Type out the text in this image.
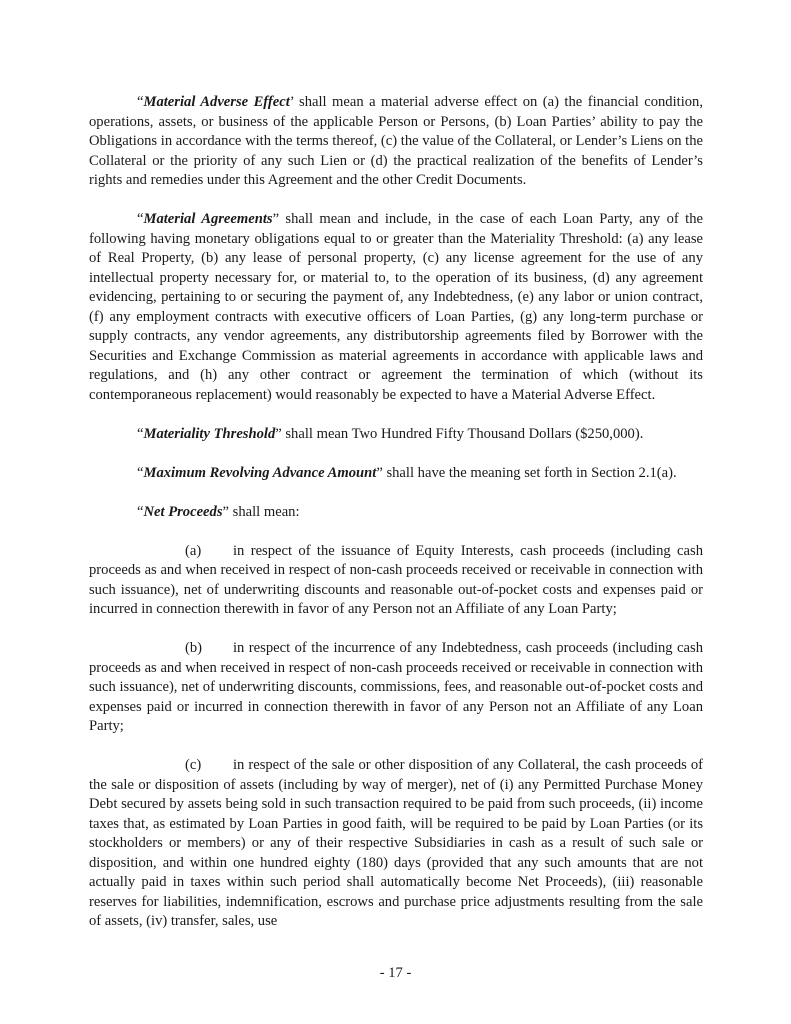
“Material Adverse Effect’ shall mean a material adverse effect on (a) the financial condition, operations, assets, or business of the applicable Person or Persons, (b) Loan Parties’ ability to pay the Obligations in accordance with the terms thereof, (c) the value of the Collateral, or Lender’s Liens on the Collateral or the priority of any such Lien or (d) the practical realization of the benefits of Lender’s rights and remedies under this Agreement and the other Credit Documents.

“Material Agreements” shall mean and include, in the case of each Loan Party, any of the following having monetary obligations equal to or greater than the Materiality Threshold: (a) any lease of Real Property, (b) any lease of personal property, (c) any license agreement for the use of any intellectual property necessary for, or material to, to the operation of its business, (d) any agreement evidencing, pertaining to or securing the payment of, any Indebtedness, (e) any labor or union contract, (f) any employment contracts with executive officers of Loan Parties, (g) any long-term purchase or supply contracts, any vendor agreements, any distributorship agreements filed by Borrower with the Securities and Exchange Commission as material agreements in accordance with applicable laws and regulations, and (h) any other contract or agreement the termination of which (without its contemporaneous replacement) would reasonably be expected to have a Material Adverse Effect.

“Materiality Threshold” shall mean Two Hundred Fifty Thousand Dollars ($250,000).

“Maximum Revolving Advance Amount” shall have the meaning set forth in Section 2.1(a).

“Net Proceeds” shall mean:

(a) in respect of the issuance of Equity Interests, cash proceeds (including cash proceeds as and when received in respect of non-cash proceeds received or receivable in connection with such issuance), net of underwriting discounts and reasonable out-of-pocket costs and expenses paid or incurred in connection therewith in favor of any Person not an Affiliate of any Loan Party;

(b) in respect of the incurrence of any Indebtedness, cash proceeds (including cash proceeds as and when received in respect of non-cash proceeds received or receivable in connection with such issuance), net of underwriting discounts, commissions, fees, and reasonable out-of-pocket costs and expenses paid or incurred in connection therewith in favor of any Person not an Affiliate of any Loan Party;

(c) in respect of the sale or other disposition of any Collateral, the cash proceeds of the sale or disposition of assets (including by way of merger), net of (i) any Permitted Purchase Money Debt secured by assets being sold in such transaction required to be paid from such proceeds, (ii) income taxes that, as estimated by Loan Parties in good faith, will be required to be paid by Loan Parties (or its stockholders or members) or any of their respective Subsidiaries in cash as a result of such sale or disposition, and within one hundred eighty (180) days (provided that any such amounts that are not actually paid in taxes within such period shall automatically become Net Proceeds), (iii) reasonable reserves for liabilities, indemnification, escrows and purchase price adjustments resulting from the sale of assets, (iv) transfer, sales, use

- 17 -
